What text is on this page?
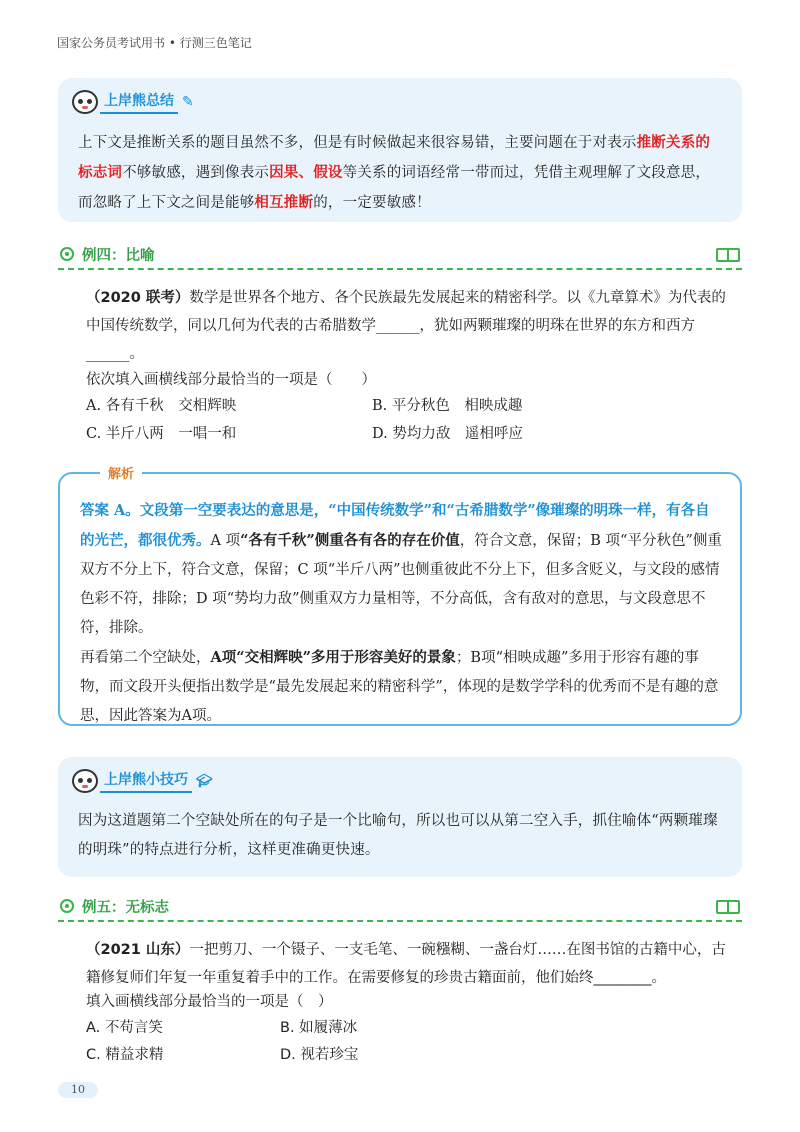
国家公务员考试用书 • 行测三色笔记
上岸熊总结 ✎
上下文是推断关系的题目虽然不多，但是有时候做起来很容易错，主要问题在于对表示推断关系的标志词不够敏感，遇到像表示因果、假设等关系的词语经常一带而过，凭借主观理解了文段意思，而忽略了上下文之间是能够相互推断的，一定要敏感！
例四：比喻
（2020 联考）数学是世界各个地方、各个民族最先发展起来的精密科学。以《九章算术》为代表的中国传统数学，同以几何为代表的古希腊数学______，犹如两颗璀璨的明珠在世界的东方和西方______。
依次填入画横线部分最恰当的一项是（　　）
A. 各有千秋　交相辉映	B. 平分秋色　相映成趣
C. 半斤八两　一唱一和	D. 势均力敌　遥相呼应
解析
答案 A。文段第一空要表达的意思是，“中国传统数学”和“古希腊数学”像璀璨的明珠一样，有各自的光芒，都很优秀。A 项“各有千秋”侧重各有各的存在价值，符合文意，保留；B 项“平分秋色”侧重双方不分上下，符合文意，保留；C 项“半斤八两”也侧重彼此不分上下，但多含贬义，与文段的感情色彩不符，排除；D 项“势均力敌”侧重双方力量相等，不分高低，含有敌对的意思，与文段意思不符，排除。
再看第二个空缺处，A项“交相辉映”多用于形容美好的景象；B项“相映成趣”多用于形容有趣的事物，而文段开头便指出数学是“最先发展起来的精密科学”，体现的是数学学科的优秀而不是有趣的意思，因此答案为A项。
上岸熊小技巧 🎓︎
因为这道题第二个空缺处所在的句子是一个比喻句，所以也可以从第二空入手，抓住喻体“两颗璀璨的明珠”的特点进行分析，这样更准确更快速。
例五：无标志
（2021 山东）一把剪刀、一个镊子、一支毛笔、一碗糨糊、一盏台灯……在图书馆的古籍中心，古籍修复师们年复一年重复着手中的工作。在需要修复的珍贵古籍面前，他们始终________。
填入画横线部分最恰当的一项是（　）
A. 不苟言笑	B. 如履薄冰
C. 精益求精	D. 视若珍宝
10
